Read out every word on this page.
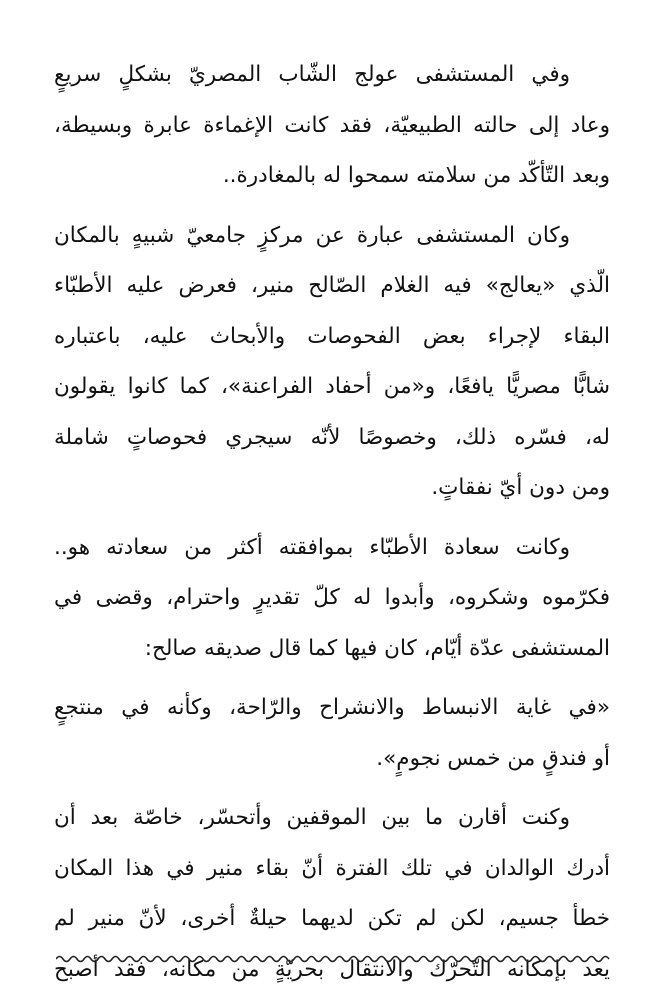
وفي المستشفى عولج الشّاب المصريّ بشكلٍ سريعٍ
وعاد إلى حالته الطبيعيّة، فقد كانت الإغماءة عابرة وبسيطة،
وبعد التّأكّد من سلامته سمحوا له بالمغادرة..
وكان المستشفى عبارة عن مركزٍ جامعيّ شبيهٍ بالمكان
الّذي «يعالج» فيه الغلام الصّالح منير، فعرض عليه الأطبّاء
البقاء لإجراء بعض الفحوصات والأبحاث عليه، باعتباره
شابًّا مصريًّا يافعًا، و«من أحفاد الفراعنة»، كما كانوا يقولون
له، فسّره ذلك، وخصوصًا لأنّه سيجري فحوصاتٍ شاملة
ومن دون أيّ نفقاتٍ.
وكانت سعادة الأطبّاء بموافقته أكثر من سعادته هو..
فكرّموه وشكروه، وأبدوا له كلّ تقديرٍ واحترام، وقضى في
المستشفى عدّة أيّام، كان فيها كما قال صديقه صالح:
«في غاية الانبساط والانشراح والرّاحة، وكأنه في منتجعٍ
أو فندقٍ من خمس نجومٍ».
وكنت أقارن ما بين الموقفين وأتحسّر، خاصّة بعد أن
أدرك الوالدان في تلك الفترة أنّ بقاء منير في هذا المكان
خطأ جسيم، لكن لم تكن لديهما حيلةٌ أخرى، لأنّ منير لم
يعد بإمكانه التّحرّك والانتقال بحريّةٍ من مكانه، فقد أصبح
